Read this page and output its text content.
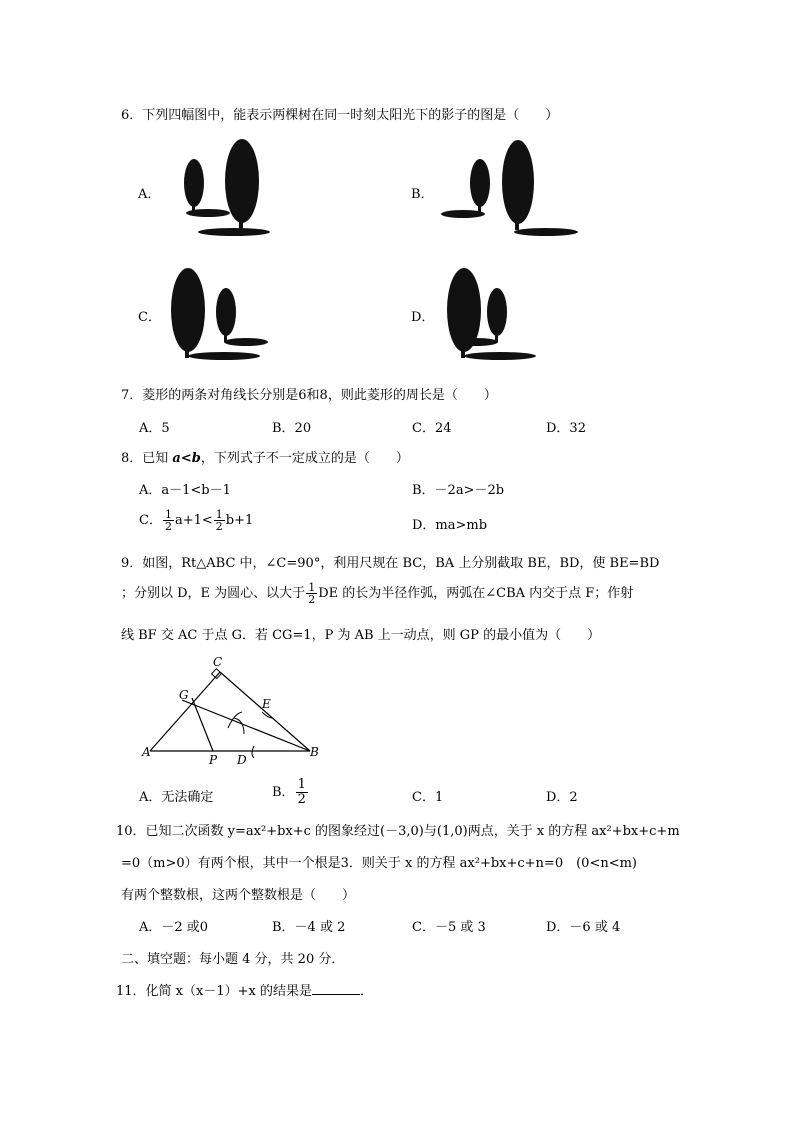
6．下列四幅图中，能表示两棵树在同一时刻太阳光下的影子的图是（　　）
A．	B．
C．	D．
7．菱形的两条对角线长分别是6和8，则此菱形的周长是（　　）
A．5	B．20	C．24	D．32
8．已知 a<b，下列式子不一定成立的是（　　）
A．a－1<b－1	B．－2a>－2b
C． $\frac{1}{2} a+1< \frac{1}{2} b+1$	D．ma>mb
9．如图，Rt△ABC 中，∠C=90°，利用尺规在 BC，BA 上分别截取 BE，BD，使 BE=BD
；分别以 D，E 为圆心、以大于 $\frac{1}{2}$ DE 的长为半径作弧，两弧在∠CBA 内交于点 F；作射
线 BF 交 AC 于点 G．若 CG=1，P 为 AB 上一动点，则 GP 的最小值为（　　）
C
G
E
A
P D
B
A．无法确定	B． $\frac{1}{2}$	C．1	D．2
10．已知二次函数 y=ax²+bx+c 的图象经过(－3,0)与(1,0)两点，关于 x 的方程 ax²+bx+c+m
=0（m>0）有两个根，其中一个根是3．则关于 x 的方程 ax²+bx+c+n=0　(0<n<m)
有两个整数根，这两个整数根是（　　）
A．－2 或0	B．－4 或 2	C．－5 或 3	D．－6 或 4
二、填空题：每小题 4 分，共 20 分．
11．化简 x（x－1）+x 的结果是	．
